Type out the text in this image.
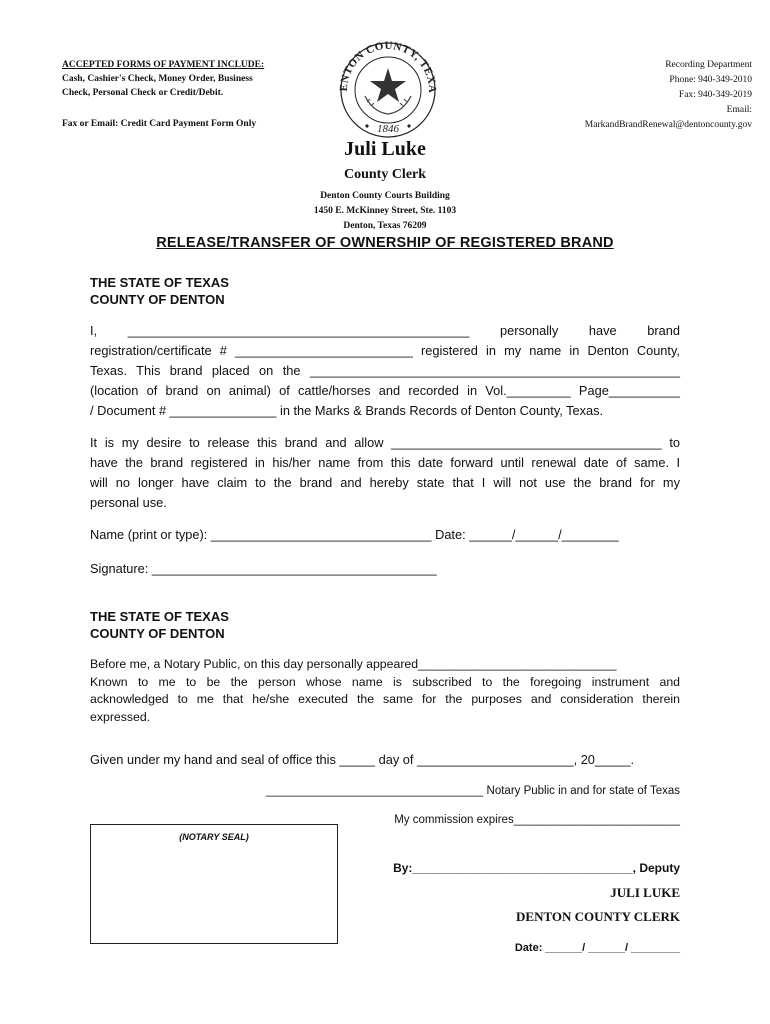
ACCEPTED FORMS OF PAYMENT INCLUDE:
Cash, Cashier's Check, Money Order, Business
Check, Personal Check or Credit/Debit.
Fax or Email: Credit Card Payment Form Only
ENTON COUNTY, TEXA
1846
Recording Department
Phone: 940-349-2010
Fax: 940-349-2019
Email:
MarkandBrandRenewal@dentoncounty.gov
Juli Luke
County Clerk
Denton County Courts Building
1450 E. McKinney Street, Ste. 1103
Denton, Texas 76209
RELEASE/TRANSFER OF OWNERSHIP OF REGISTERED BRAND
THE STATE OF TEXAS
COUNTY OF DENTON
I, ________________________________________________ personally have brand
registration/certificate # _________________________ registered in my name in Denton County,
Texas. This brand placed on the ____________________________________________________
(location of brand on animal) of cattle/horses and recorded in Vol._________ Page__________
/ Document # _______________ in the Marks & Brands Records of Denton County, Texas.
It is my desire to release this brand and allow ______________________________________ to
have the brand registered in his/her name from this date forward until renewal date of same. I
will no longer have claim to the brand and hereby state that I will not use the brand for my
personal use.
Name (print or type): _______________________________ Date: ______/______/________
Signature: ________________________________________
THE STATE OF TEXAS
COUNTY OF DENTON
Before me, a Notary Public, on this day personally appeared_____________________________
Known to me to be the person whose name is subscribed to the foregoing instrument and
acknowledged to me that he/she executed the same for the purposes and consideration therein
expressed.
Given under my hand and seal of office this _____ day of ______________________, 20_____.
__________________________________ Notary Public in and for state of Texas
My commission expires__________________________
(NOTARY SEAL)
By:_________________________________, Deputy
JULI LUKE
DENTON COUNTY CLERK
Date: ______/ ______/ ________
